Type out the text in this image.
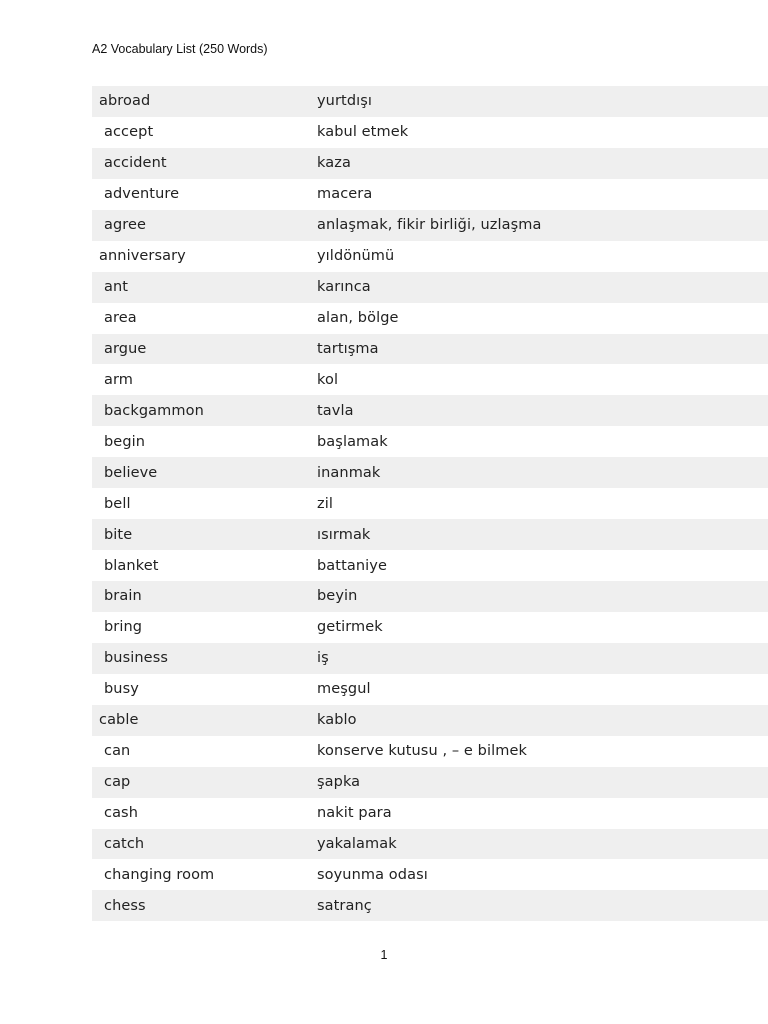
A2 Vocabulary List (250 Words)
abroad	yurtdışı
accept	kabul etmek
accident	kaza
adventure	macera
agree	anlaşmak, fikir birliği, uzlaşma
anniversary	yıldönümü
ant	karınca
area	alan, bölge
argue	tartışma
arm	kol
backgammon	tavla
begin	başlamak
believe	inanmak
bell	zil
bite	ısırmak
blanket	battaniye
brain	beyin
bring	getirmek
business	iş
busy	meşgul
cable	kablo
can	konserve kutusu , – e bilmek
cap	şapka
cash	nakit para
catch	yakalamak
changing room	soyunma odası
chess	satranç
1
